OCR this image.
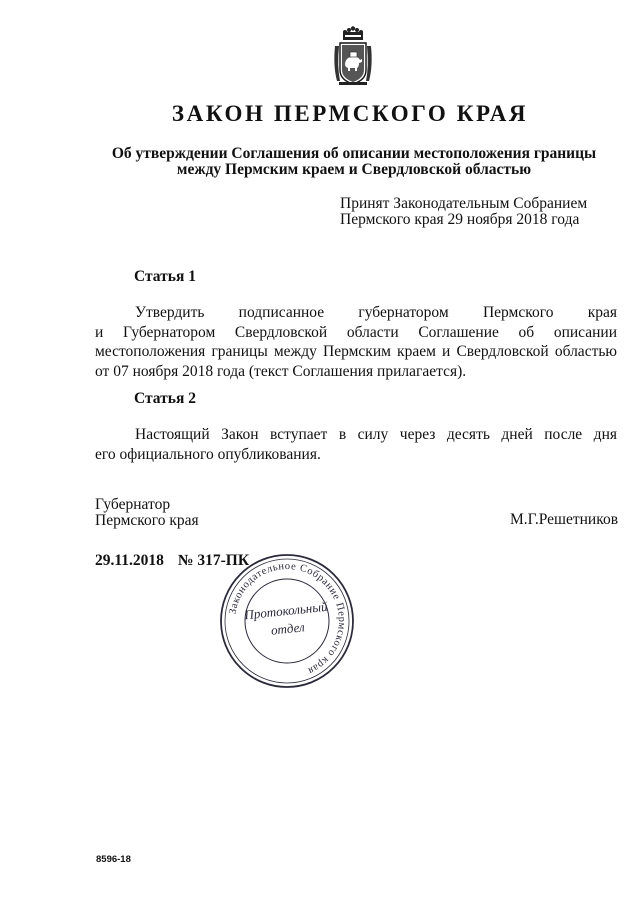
ЗАКОН ПЕРМСКОГО КРАЯ
Об утверждении Соглашения об описании местоположения границы
между Пермским краем и Свердловской областью
Принят Законодательным Собранием
Пермского края 29 ноября 2018 года
Статья 1
Утвердить подписанное губернатором Пермского края
и Губернатором Свердловской области Соглашение об описании
местоположения границы между Пермским краем и Свердловской областью
от 07 ноября 2018 года (текст Соглашения прилагается).
Статья 2
Настоящий Закон вступает в силу через десять дней после дня
его официального опубликования.
Губернатор
Пермского края	М.Г.Решетников
29.11.2018 № 317-ПК
Законодательное Собрание Пермского края
Протокольный
отдел
8596-18
